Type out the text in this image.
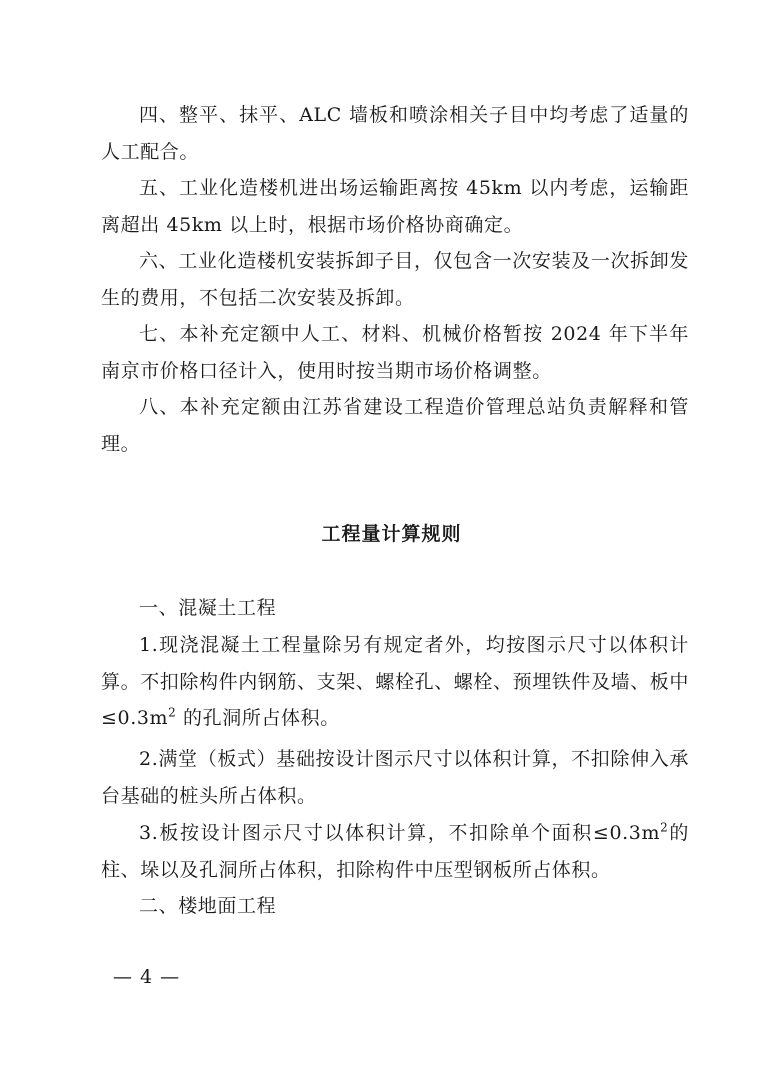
四、整平、抹平、ALC 墙板和喷涂相关子目中均考虑了适量的人工配合。

五、工业化造楼机进出场运输距离按 45km 以内考虑，运输距离超出 45km 以上时，根据市场价格协商确定。

六、工业化造楼机安装拆卸子目，仅包含一次安装及一次拆卸发生的费用，不包括二次安装及拆卸。

七、本补充定额中人工、材料、机械价格暂按 2024 年下半年南京市价格口径计入，使用时按当期市场价格调整。

八、本补充定额由江苏省建设工程造价管理总站负责解释和管理。

工程量计算规则

一、混凝土工程

1.现浇混凝土工程量除另有规定者外，均按图示尺寸以体积计算。不扣除构件内钢筋、支架、螺栓孔、螺栓、预埋铁件及墙、板中$\le 0.3m^2$ 的孔洞所占体积。

2.满堂（板式）基础按设计图示尺寸以体积计算，不扣除伸入承台基础的桩头所占体积。

3.板按设计图示尺寸以体积计算，不扣除单个面积$\le 0.3m^2$的柱、垛以及孔洞所占体积，扣除构件中压型钢板所占体积。

二、楼地面工程

— 4 —
